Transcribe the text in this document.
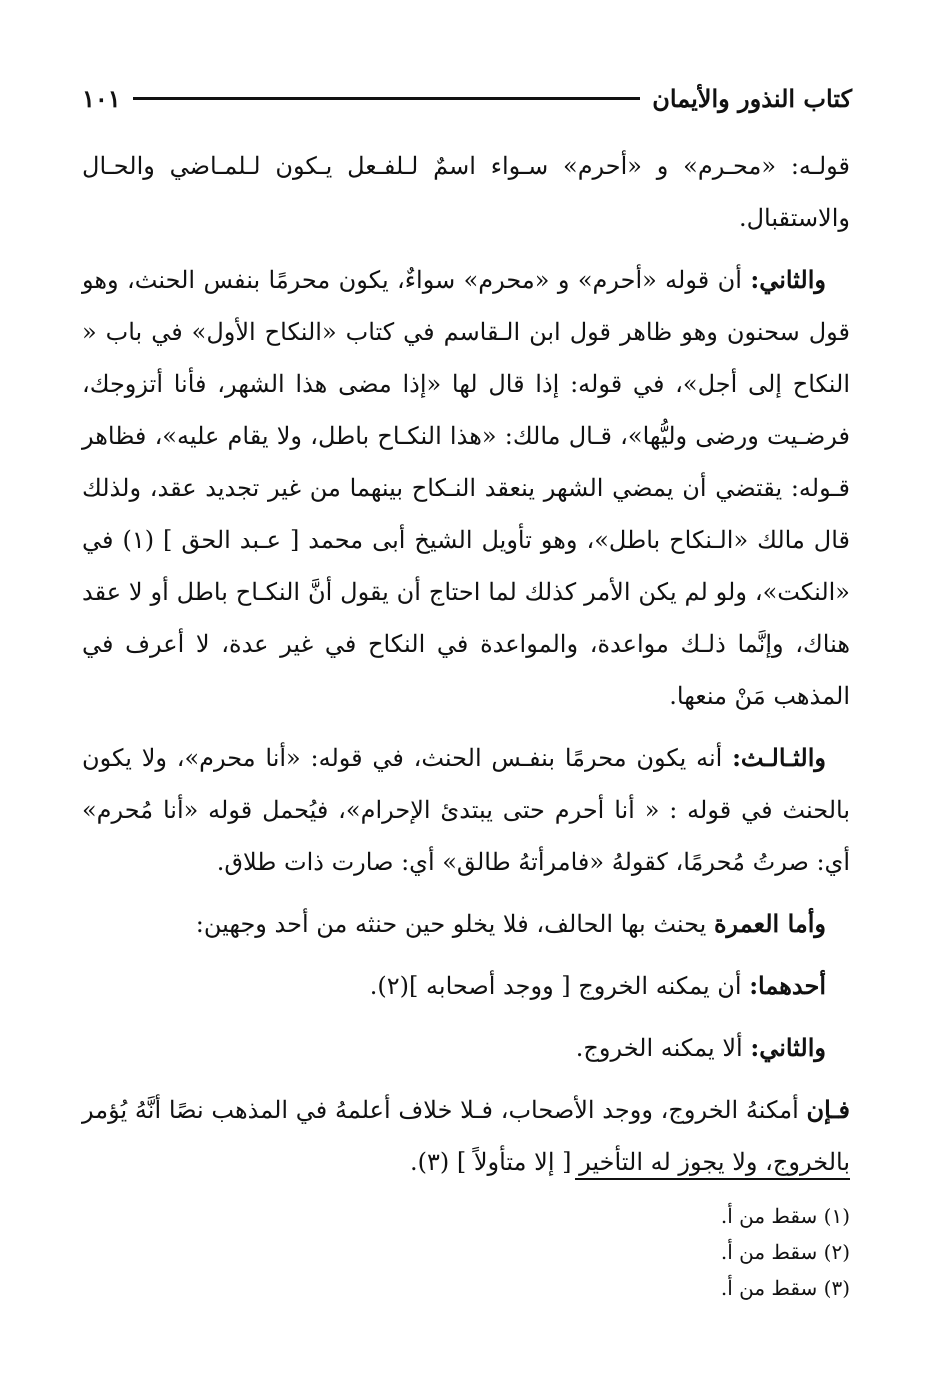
كتاب النذور والأيمان
١٠١

قولـه: «محـرم» و «أحرم» سـواء اسمٌ لـلفـعل يـكون لـلمـاضي والحـال والاستقبال.

والثاني: أن قوله «أحرم» و «محرم» سواءٌ، يكون محرمًا بنفس الحنث، وهو قول سحنون وهو ظاهر قول ابن الـقاسم في كتاب «النكاح الأول» في باب « النكاح إلى أجل»، في قوله: إذا قال لها «إذا مضى هذا الشهر، فأنا أتزوجك، فرضـيت ورضى وليُّها»، قـال مالك: «هذا النكـاح باطل، ولا يقام عليه»، فظاهر قـوله: يقتضي أن يمضي الشهر ينعقد النـكاح بينهما من غير تجديد عقد، ولذلك قال مالك «الـنكاح باطل»، وهو تأويل الشيخ أبى محمد [ عـبد الحق ] (١) في «النكت»، ولو لم يكن الأمر كذلك لما احتاج أن يقول أنَّ النكـاح باطل أو لا عقد هناك، وإنَّما ذلـك مواعدة، والمواعدة في النكاح في غير عدة، لا أعرف في المذهب مَنْ منعها.

والثـالـث: أنه يكون محرمًا بنفـس الحنث، في قوله: «أنا محرم»، ولا يكون بالحنث في قوله : « أنا أحرم حتى يبتدئ الإحرام»، فيُحمل قوله «أنا مُحرم» أي: صرتُ مُحرمًا، كقولهُ «فامرأتهُ طالق» أي: صارت ذات طلاق.

وأما العمرة يحنث بها الحالف، فلا يخلو حين حنثه من أحد وجهين:

أحدهما: أن يمكنه الخروج [ ووجد أصحابه ](٢).

والثاني: ألا يمكنه الخروج.

فـإن أمكنهُ الخروج، ووجد الأصحاب، فـلا خلاف أعلمهُ في المذهب نصًا أنَّهُ يُؤمر بالخروج، ولا يجوز له التأخير [ إلا متأولاً ] (٣).

(١) سقط من أ.
(٢) سقط من أ.
(٣) سقط من أ.
